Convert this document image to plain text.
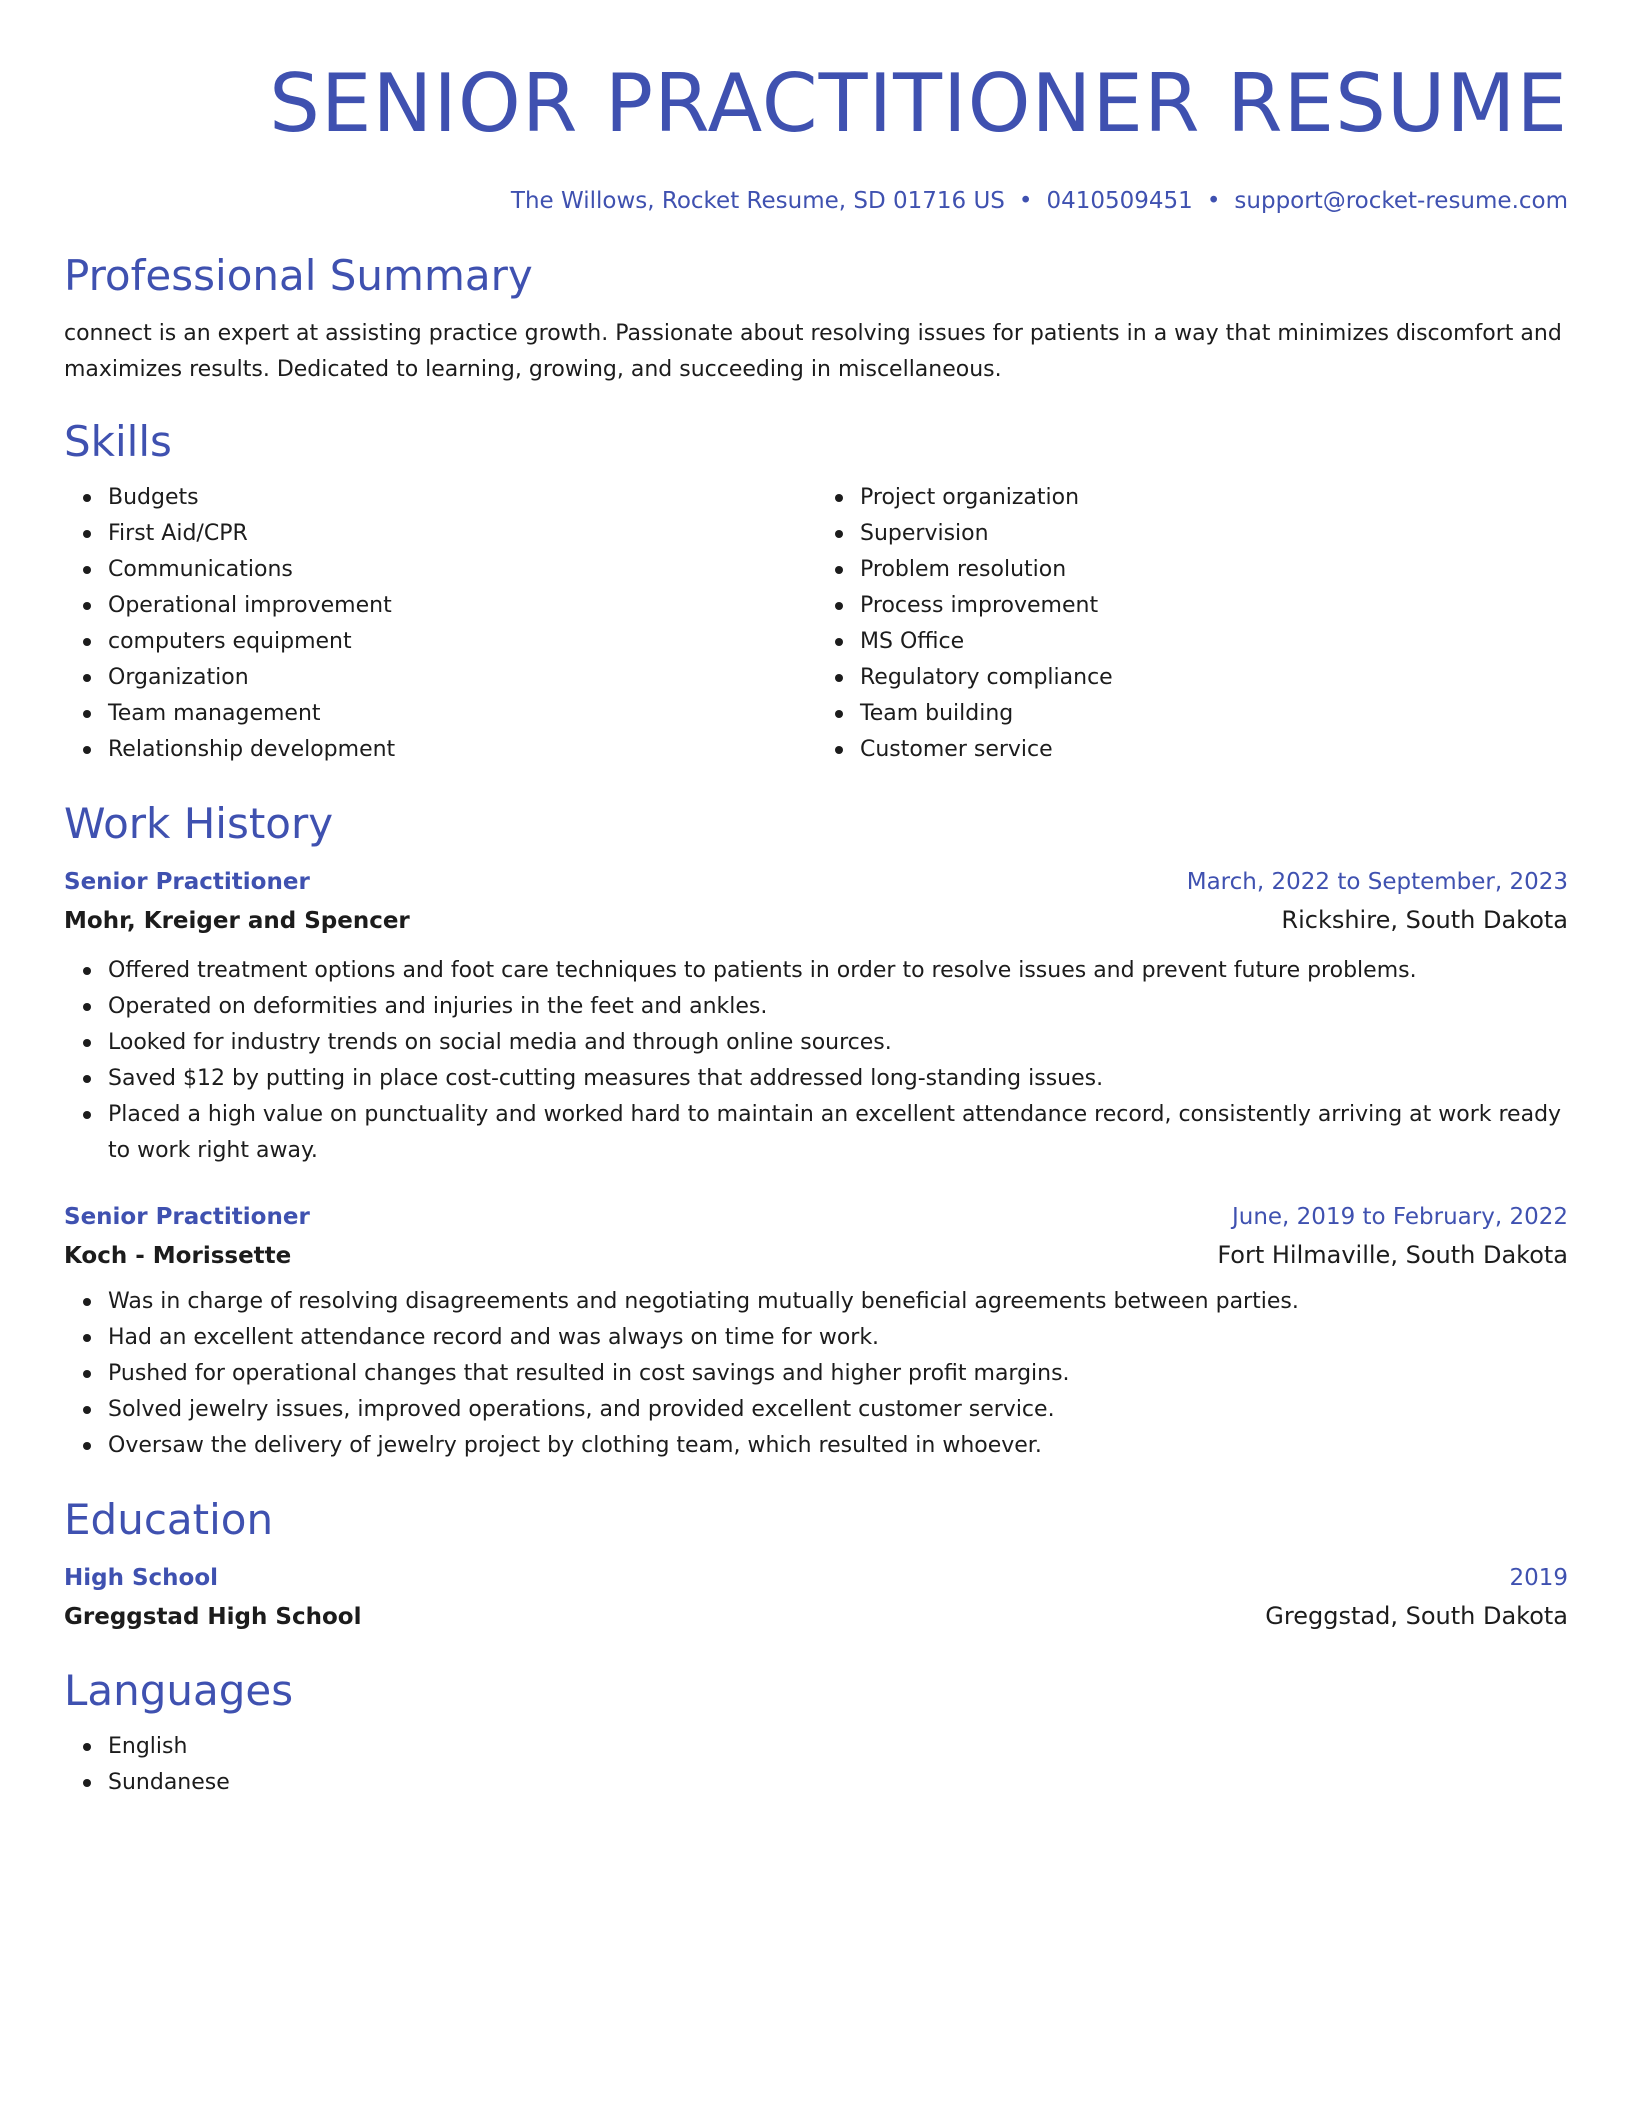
SENIOR PRACTITIONER RESUME
The Willows, Rocket Resume, SD 01716 US • 0410509451 • support@rocket-resume.com
Professional Summary

connect is an expert at assisting practice growth. Passionate about resolving issues for patients in a way that minimizes discomfort and maximizes results. Dedicated to learning, growing, and succeeding in miscellaneous.

Skills
Budgets
First Aid/CPR
Communications
Operational improvement
computers equipment
Organization
Team management
Relationship development
Project organization
Supervision
Problem resolution
Process improvement
MS Office
Regulatory compliance
Team building
Customer service
Work History
Senior Practitioner	March, 2022 to September, 2023
Mohr, Kreiger and Spencer	Rickshire, South Dakota
Offered treatment options and foot care techniques to patients in order to resolve issues and prevent future problems.
Operated on deformities and injuries in the feet and ankles.
Looked for industry trends on social media and through online sources.
Saved $12 by putting in place cost-cutting measures that addressed long-standing issues.
Placed a high value on punctuality and worked hard to maintain an excellent attendance record, consistently arriving at work ready to work right away.
Senior Practitioner	June, 2019 to February, 2022
Koch - Morissette	Fort Hilmaville, South Dakota
Was in charge of resolving disagreements and negotiating mutually beneficial agreements between parties.
Had an excellent attendance record and was always on time for work.
Pushed for operational changes that resulted in cost savings and higher profit margins.
Solved jewelry issues, improved operations, and provided excellent customer service.
Oversaw the delivery of jewelry project by clothing team, which resulted in whoever.
Education
High School	2019
Greggstad High School	Greggstad, South Dakota
Languages
English
Sundanese
